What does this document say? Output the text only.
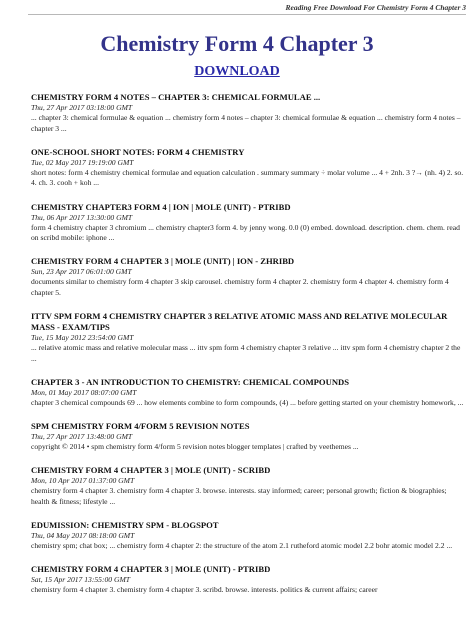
Reading Free Download For Chemistry Form 4 Chapter 3
Chemistry Form 4 Chapter 3
DOWNLOAD
CHEMISTRY FORM 4 NOTES – CHAPTER 3: CHEMICAL FORMULAE ...
Thu, 27 Apr 2017 03:18:00 GMT
... chapter 3: chemical formulae & equation ... chemistry form 4 notes – chapter 3: chemical formulae & equation ... chemistry form 4 notes – chapter 3 ...
ONE-SCHOOL SHORT NOTES: FORM 4 CHEMISTRY
Tue, 02 May 2017 19:19:00 GMT
short notes: form 4 chemistry chemical formulae and equation calculation . summary summary ÷ molar volume ... 4 + 2nh. 3 ?→ (nh. 4) 2. so. 4. ch. 3. cooh + koh ...
CHEMISTRY CHAPTER3 FORM 4 | ION | MOLE (UNIT) - PTRIBD
Thu, 06 Apr 2017 13:30:00 GMT
form 4 chemistry chapter 3 chromium ... chemistry chapter3 form 4. by jenny wong. 0.0 (0) embed. download. description. chem. chem. read on scribd mobile: iphone ...
CHEMISTRY FORM 4 CHAPTER 3 | MOLE (UNIT) | ION - ZHRIBD
Sun, 23 Apr 2017 06:01:00 GMT
documents similar to chemistry form 4 chapter 3 skip carousel. chemistry form 4 chapter 2. chemistry form 4 chapter 4. chemistry form 4 chapter 5.
ITTV SPM FORM 4 CHEMISTRY CHAPTER 3 RELATIVE ATOMIC MASS AND RELATIVE MOLECULAR MASS - EXAM/TIPS
Tue, 15 May 2012 23:54:00 GMT
... relative atomic mass and relative molecular mass ... ittv spm form 4 chemistry chapter 3 relative ... ittv spm form 4 chemistry chapter 2 the ...
CHAPTER 3 - AN INTRODUCTION TO CHEMISTRY: CHEMICAL COMPOUNDS
Mon, 01 May 2017 08:07:00 GMT
chapter 3 chemical compounds 69 ... how elements combine to form compounds, (4) ... before getting started on your chemistry homework, ...
SPM CHEMISTRY FORM 4/FORM 5 REVISION NOTES
Thu, 27 Apr 2017 13:48:00 GMT
copyright © 2014 • spm chemistry form 4/form 5 revision notes blogger templates | crafted by veethemes ...
CHEMISTRY FORM 4 CHAPTER 3 | MOLE (UNIT) - SCRIBD
Mon, 10 Apr 2017 01:37:00 GMT
chemistry form 4 chapter 3. chemistry form 4 chapter 3. browse. interests. stay informed; career; personal growth; fiction & biographies; health & fitness; lifestyle ...
EDUMISSION: CHEMISTRY SPM - BLOGSPOT
Thu, 04 May 2017 08:18:00 GMT
chemistry spm; chat box; ... chemistry form 4 chapter 2: the structure of the atom 2.1 rutheford atomic model 2.2 bohr atomic model 2.2 ...
CHEMISTRY FORM 4 CHAPTER 3 | MOLE (UNIT) - PTRIBD
Sat, 15 Apr 2017 13:55:00 GMT
chemistry form 4 chapter 3. chemistry form 4 chapter 3. scribd. browse. interests. politics & current affairs; career
